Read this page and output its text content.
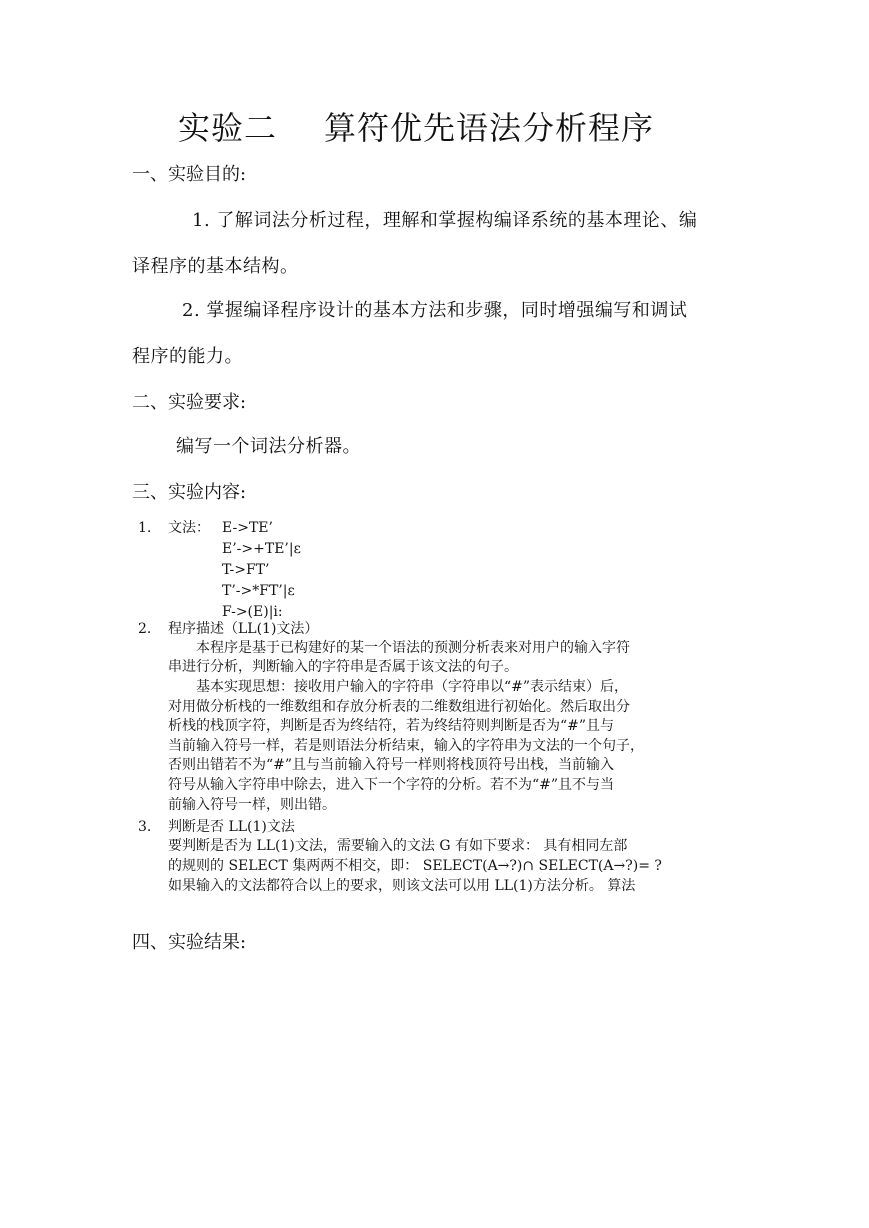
实验二 算符优先语法分析程序
一、实验目的:
1. 了解词法分析过程，理解和掌握构编译系统的基本理论、编
译程序的基本结构。
2. 掌握编译程序设计的基本方法和步骤，同时增强编写和调试
程序的能力。
二、实验要求:
编写一个词法分析器。
三、实验内容:
1. 文法： E->TE’
E’->+TE’|ε
T->FT’
T’->*FT’|ε
F->(E)|i:
2. 程序描述（LL(1)文法）
本程序是基于已构建好的某一个语法的预测分析表来对用户的输入字符
串进行分析，判断输入的字符串是否属于该文法的句子。
基本实现思想：接收用户输入的字符串（字符串以“#”表示结束）后，
对用做分析栈的一维数组和存放分析表的二维数组进行初始化。然后取出分
析栈的栈顶字符，判断是否为终结符，若为终结符则判断是否为“#”且与
当前输入符号一样，若是则语法分析结束，输入的字符串为文法的一个句子，
否则出错若不为“#”且与当前输入符号一样则将栈顶符号出栈，当前输入
符号从输入字符串中除去，进入下一个字符的分析。若不为“#”且不与当
前输入符号一样，则出错。
3. 判断是否 LL(1)文法
要判断是否为 LL(1)文法，需要输入的文法 G 有如下要求： 具有相同左部
的规则的 SELECT 集两两不相交，即： SELECT(A→?)∩ SELECT(A→?)= ?
如果输入的文法都符合以上的要求，则该文法可以用 LL(1)方法分析。 算法
四、实验结果:
